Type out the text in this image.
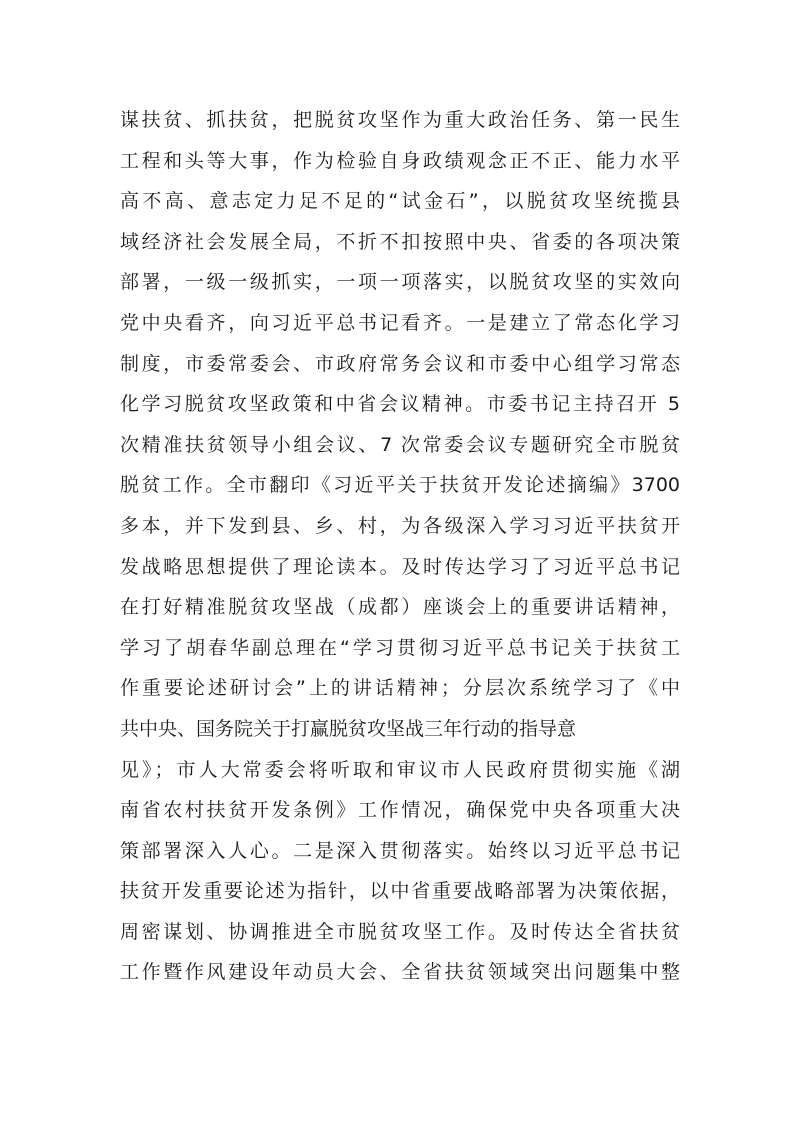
谋扶贫、抓扶贫，把脱贫攻坚作为重大政治任务、第一民生
工程和头等大事，作为检验自身政绩观念正不正、能力水平
高不高、意志定力足不足的“试金石”，以脱贫攻坚统揽县
域经济社会发展全局，不折不扣按照中央、省委的各项决策
部署，一级一级抓实，一项一项落实，以脱贫攻坚的实效向
党中央看齐，向习近平总书记看齐。一是建立了常态化学习
制度，市委常委会、市政府常务会议和市委中心组学习常态
化学习脱贫攻坚政策和中省会议精神。市委书记主持召开 5
次精准扶贫领导小组会议、7 次常委会议专题研究全市脱贫
脱贫工作。全市翻印《习近平关于扶贫开发论述摘编》3700
多本，并下发到县、乡、村，为各级深入学习习近平扶贫开
发战略思想提供了理论读本。及时传达学习了习近平总书记
在打好精准脱贫攻坚战（成都）座谈会上的重要讲话精神，
学习了胡春华副总理在“学习贯彻习近平总书记关于扶贫工
作重要论述研讨会”上的讲话精神；分层次系统学习了《中
共中央、国务院关于打赢脱贫攻坚战三年行动的指导意
见》；市人大常委会将听取和审议市人民政府贯彻实施《湖
南省农村扶贫开发条例》工作情况，确保党中央各项重大决
策部署深入人心。二是深入贯彻落实。始终以习近平总书记
扶贫开发重要论述为指针，以中省重要战略部署为决策依据，
周密谋划、协调推进全市脱贫攻坚工作。及时传达全省扶贫
工作暨作风建设年动员大会、全省扶贫领域突出问题集中整
